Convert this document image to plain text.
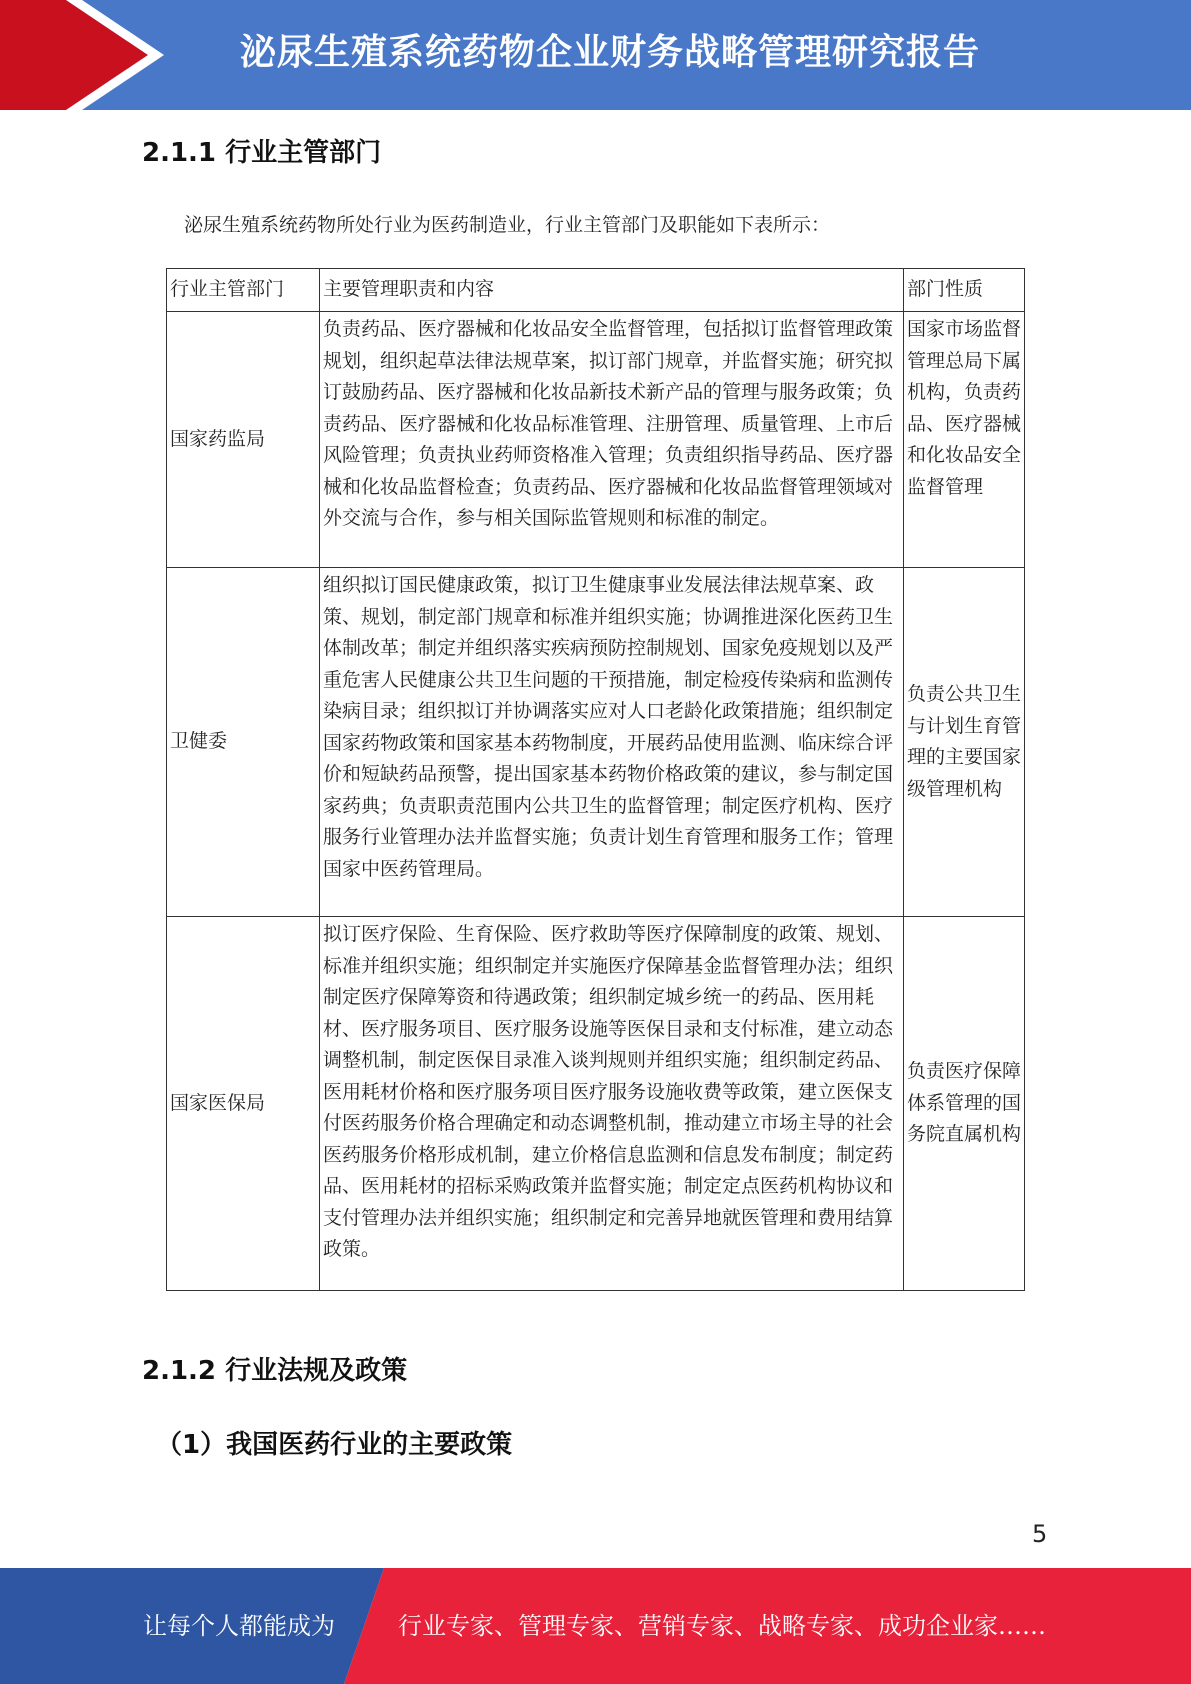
泌尿生殖系统药物企业财务战略管理研究报告
2.1.1 行业主管部门
泌尿生殖系统药物所处行业为医药制造业，行业主管部门及职能如下表所示：
行业主管部门	主要管理职责和内容	部门性质
国家药监局	负责药品、医疗器械和化妆品安全监督管理，包括拟订监督管理政策规划，组织起草法律法规草案，拟订部门规章，并监督实施；研究拟订鼓励药品、医疗器械和化妆品新技术新产品的管理与服务政策；负责药品、医疗器械和化妆品标准管理、注册管理、质量管理、上市后风险管理；负责执业药师资格准入管理；负责组织指导药品、医疗器械和化妆品监督检查；负责药品、医疗器械和化妆品监督管理领域对外交流与合作，参与相关国际监管规则和标准的制定。	国家市场监督管理总局下属机构，负责药品、医疗器械和化妆品安全监督管理
卫健委	组织拟订国民健康政策，拟订卫生健康事业发展法律法规草案、政策、规划，制定部门规章和标准并组织实施；协调推进深化医药卫生体制改革；制定并组织落实疾病预防控制规划、国家免疫规划以及严重危害人民健康公共卫生问题的干预措施，制定检疫传染病和监测传染病目录；组织拟订并协调落实应对人口老龄化政策措施；组织制定国家药物政策和国家基本药物制度，开展药品使用监测、临床综合评价和短缺药品预警，提出国家基本药物价格政策的建议，参与制定国家药典；负责职责范围内公共卫生的监督管理；制定医疗机构、医疗服务行业管理办法并监督实施；负责计划生育管理和服务工作；管理国家中医药管理局。	负责公共卫生与计划生育管理的主要国家级管理机构
国家医保局	拟订医疗保险、生育保险、医疗救助等医疗保障制度的政策、规划、标准并组织实施；组织制定并实施医疗保障基金监督管理办法；组织制定医疗保障筹资和待遇政策；组织制定城乡统一的药品、医用耗材、医疗服务项目、医疗服务设施等医保目录和支付标准，建立动态调整机制，制定医保目录准入谈判规则并组织实施；组织制定药品、医用耗材价格和医疗服务项目医疗服务设施收费等政策，建立医保支付医药服务价格合理确定和动态调整机制，推动建立市场主导的社会医药服务价格形成机制，建立价格信息监测和信息发布制度；制定药品、医用耗材的招标采购政策并监督实施；制定定点医药机构协议和支付管理办法并组织实施；组织制定和完善异地就医管理和费用结算政策。	负责医疗保障体系管理的国务院直属机构
2.1.2 行业法规及政策
（1）我国医药行业的主要政策
5
让每个人都能成为	行业专家、管理专家、营销专家、战略专家、成功企业家……
